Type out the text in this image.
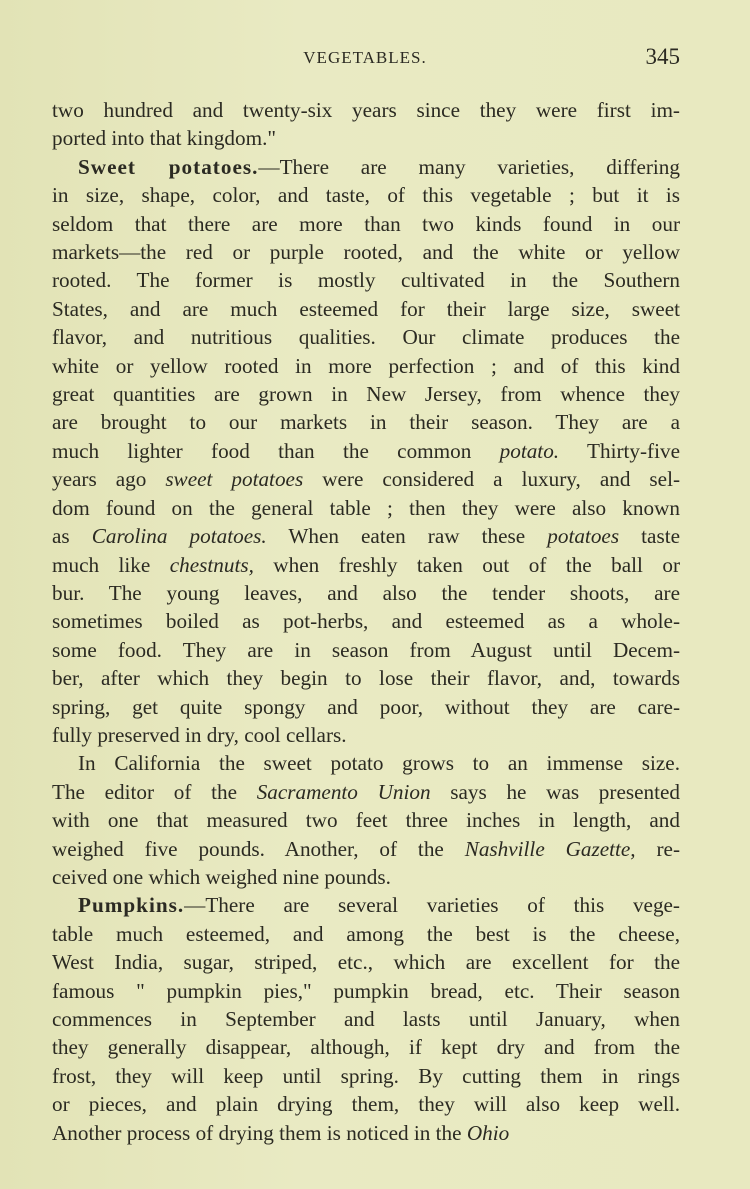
VEGETABLES.	345

two hundred and twenty-six years since they were first im-
ported into that kingdom."

Sweet potatoes.—There are many varieties, differing
in size, shape, color, and taste, of this vegetable ; but it is
seldom that there are more than two kinds found in our
markets—the red or purple rooted, and the white or yellow
rooted. The former is mostly cultivated in the Southern
States, and are much esteemed for their large size, sweet
flavor, and nutritious qualities. Our climate produces the
white or yellow rooted in more perfection ; and of this kind
great quantities are grown in New Jersey, from whence they
are brought to our markets in their season. They are a
much lighter food than the common potato. Thirty-five
years ago sweet potatoes were considered a luxury, and sel-
dom found on the general table ; then they were also known
as Carolina potatoes. When eaten raw these potatoes taste
much like chestnuts, when freshly taken out of the ball or
bur. The young leaves, and also the tender shoots, are
sometimes boiled as pot-herbs, and esteemed as a whole-
some food. They are in season from August until Decem-
ber, after which they begin to lose their flavor, and, towards
spring, get quite spongy and poor, without they are care-
fully preserved in dry, cool cellars.

In California the sweet potato grows to an immense size.
The editor of the Sacramento Union says he was presented
with one that measured two feet three inches in length, and
weighed five pounds. Another, of the Nashville Gazette, re-
ceived one which weighed nine pounds.

Pumpkins.—There are several varieties of this vege-
table much esteemed, and among the best is the cheese,
West India, sugar, striped, etc., which are excellent for the
famous " pumpkin pies," pumpkin bread, etc. Their season
commences in September and lasts until January, when
they generally disappear, although, if kept dry and from the
frost, they will keep until spring. By cutting them in rings
or pieces, and plain drying them, they will also keep well.
Another process of drying them is noticed in the Ohio
